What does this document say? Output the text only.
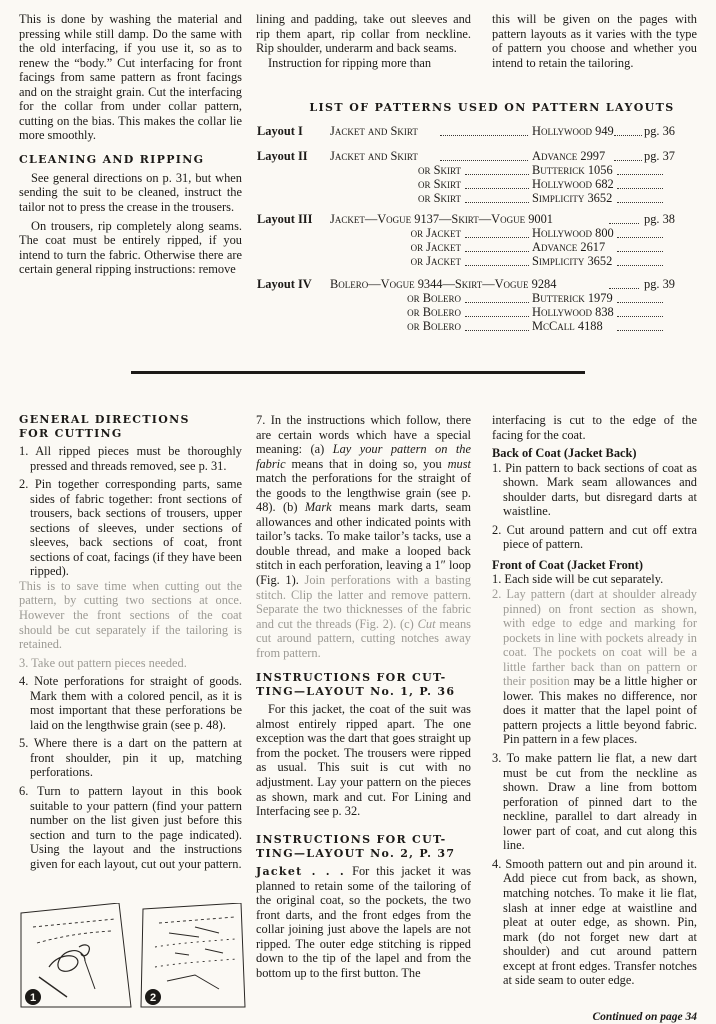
This is done by washing the material and pressing while still damp. Do the same with the old interfacing, if you use it, so as to renew the “body.” Cut interfacing for front facings from same pattern as front facings and on the straight grain. Cut the interfacing for the collar from under collar pattern, cutting on the bias. This makes the collar lie more smoothly.

CLEANING AND RIPPING

See general directions on p. 31, but when sending the suit to be cleaned, instruct the tailor not to press the crease in the trousers.

On trousers, rip completely along seams. The coat must be entirely ripped, if you intend to turn the fabric. Otherwise there are certain general ripping instructions: remove

lining and padding, take out sleeves and rip them apart, rip collar from neckline. Rip shoulder, underarm and back seams.

Instruction for ripping more than

this will be given on the pages with pattern layouts as it varies with the type of pattern you choose and whether you intend to retain the tailoring.

LIST OF PATTERNS USED ON PATTERN LAYOUTS

Layout I Jacket and Skirt	Hollywood 949 pg. 36
Layout II Jacket and Skirt	Advance 2997	pg. 37
or Skirt	Butterick 1056
or Skirt	Hollywood 682
or Skirt	Simplicity 3652
Layout III Jacket—Vogue 9137—Skirt—Vogue 9001	pg. 38
or Jacket	Hollywood 800
or Jacket	Advance 2617
or Jacket	Simplicity 3652
Layout IV Bolero—Vogue 9344—Skirt—Vogue 9284	pg. 39
or Bolero	Butterick 1979
or Bolero	Hollywood 838
or Bolero	McCall 4188

GENERAL DIRECTIONS

FOR CUTTING

1. All ripped pieces must be thoroughly pressed and threads removed, see p. 31.

2. Pin together corresponding parts, same sides of fabric together: front sections of trousers, back sections of trousers, upper sections of sleeves, under sections of sleeves, back sections of coat, front sections of coat, facings (if they have been ripped).

This is to save time when cutting out the pattern, by cutting two sections at once. However the front sections of the coat should be cut separately if the tailoring is retained.

3. Take out pattern pieces needed.

4. Note perforations for straight of goods. Mark them with a colored pencil, as it is most important that these perforations be laid on the lengthwise grain (see p. 48).

5. Where there is a dart on the pattern at front shoulder, pin it up, matching perforations.

6. Turn to pattern layout in this book suitable to your pattern (find your pattern number on the list given just before this section and turn to the page indicated). Using the layout and the instructions given for each layout, cut out your pattern.

1	2

7. In the instructions which follow, there are certain words which have a special meaning: (a) Lay your pattern on the fabric means that in doing so, you must match the perforations for the straight of the goods to the lengthwise grain (see p. 48). (b) Mark means mark darts, seam allowances and other indicated points with tailor’s tacks. To make tailor’s tacks, use a double thread, and make a looped back stitch in each perforation, leaving a 1″ loop (Fig. 1). Join perforations with a basting stitch. Clip the latter and remove pattern. Separate the two thicknesses of the fabric and cut the threads (Fig. 2). (c) Cut means cut around pattern, cutting notches away from pattern.

INSTRUCTIONS FOR CUT-

TING—LAYOUT No. 1, P. 36

For this jacket, the coat of the suit was almost entirely ripped apart. The one exception was the dart that goes straight up from the pocket. The trousers were ripped as usual. This suit is cut with no adjustment. Lay your pattern on the pieces as shown, mark and cut. For Lining and Interfacing see p. 32.

INSTRUCTIONS FOR CUT-

TING—LAYOUT No. 2, P. 37

Jacket . . . For this jacket it was planned to retain some of the tailoring of the original coat, so the pockets, the two front darts, and the front edges from the collar joining just above the lapels are not ripped. The outer edge stitching is ripped down to the tip of the lapel and from the bottom up to the first button. The

interfacing is cut to the edge of the facing for the coat.

Back of Coat (Jacket Back)

1. Pin pattern to back sections of coat as shown. Mark seam allowances and shoulder darts, but disregard darts at waistline.

2. Cut around pattern and cut off extra piece of pattern.

Front of Coat (Jacket Front)

1. Each side will be cut separately.

2. Lay pattern (dart at shoulder already pinned) on front section as shown, with edge to edge and marking for pockets in line with pockets already in coat. The pockets on coat will be a little farther back than on pattern or their position may be a little higher or lower. This makes no difference, nor does it matter that the lapel point of pattern projects a little beyond fabric. Pin pattern in a few places.

3. To make pattern lie flat, a new dart must be cut from the neckline as shown. Draw a line from bottom perforation of pinned dart to the neckline, parallel to dart already in lower part of coat, and cut along this line.

4. Smooth pattern out and pin around it. Add piece cut from back, as shown, matching notches. To make it lie flat, slash at inner edge at waistline and pleat at outer edge, as shown. Pin, mark (do not forget new dart at shoulder) and cut around pattern except at front edges. Transfer notches at side seam to outer edge.

Continued on page 34
